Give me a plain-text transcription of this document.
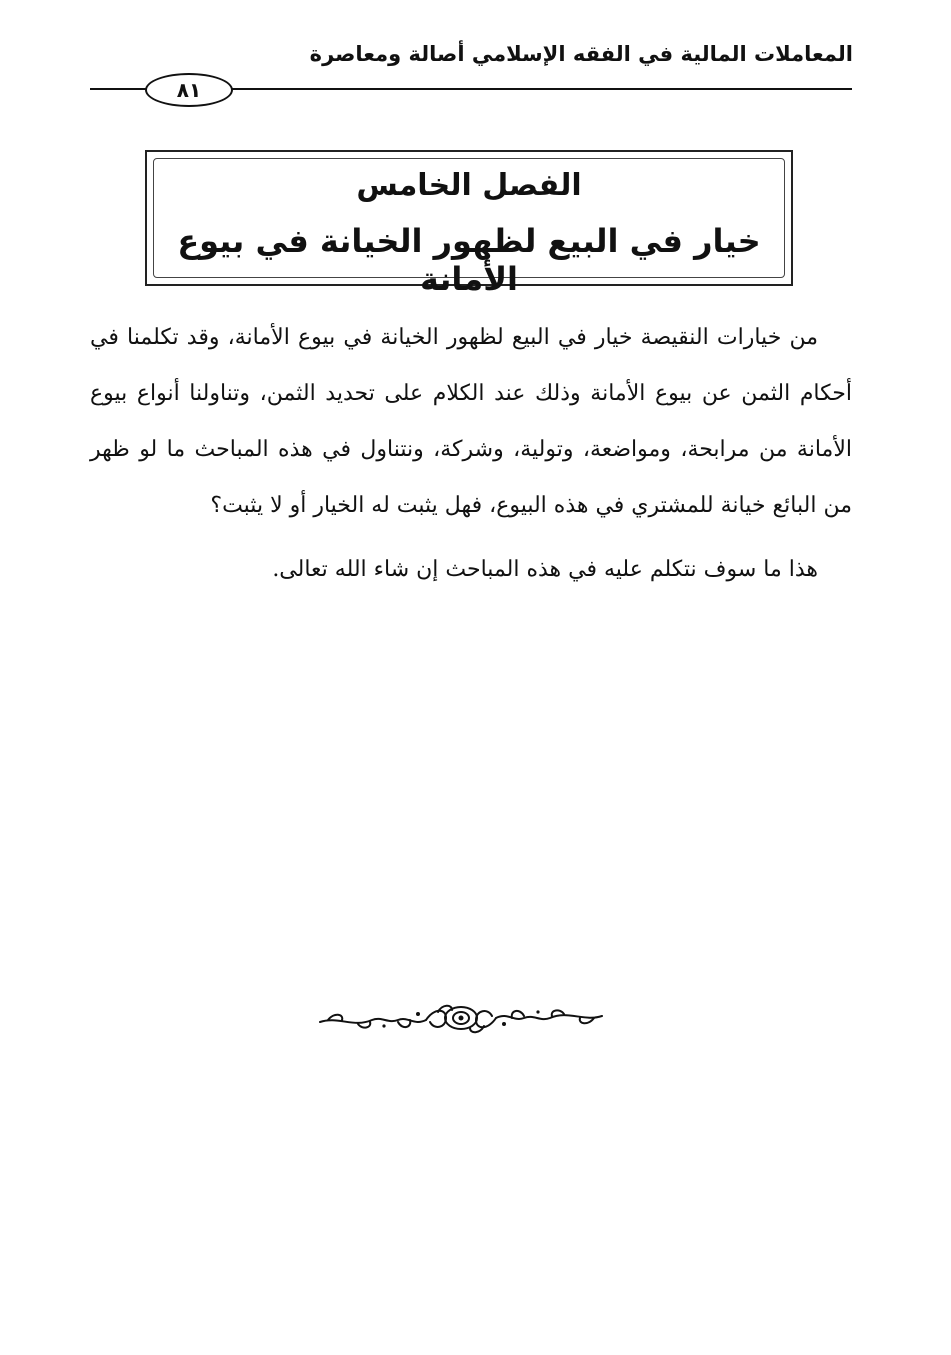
المعاملات المالية في الفقه الإسلامي أصالة ومعاصرة
٨١
الفصل الخامس
خيار في البيع لظهور الخيانة في بيوع الأمانة

من خيارات النقيصة خيار في البيع لظهور الخيانة في بيوع الأمانة، وقد تكلمنا في أحكام الثمن عن بيوع الأمانة وذلك عند الكلام على تحديد الثمن، وتناولنا أنواع بيوع الأمانة من مرابحة، ومواضعة، وتولية، وشركة، ونتناول في هذه المباحث ما لو ظهر من البائع خيانة للمشتري في هذه البيوع، فهل يثبت له الخيار أو لا يثبت؟

هذا ما سوف نتكلم عليه في هذه المباحث إن شاء الله تعالى.
